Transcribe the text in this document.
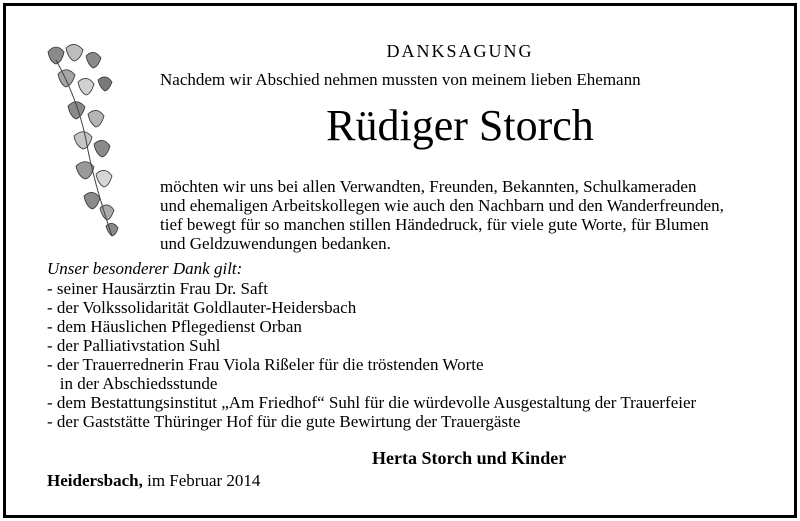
DANKSAGUNG
Nachdem wir Abschied nehmen mussten von meinem lieben Ehemann
Rüdiger Storch
möchten wir uns bei allen Verwandten, Freunden, Bekannten, Schulkameraden
und ehemaligen Arbeitskollegen wie auch den Nachbarn und den Wanderfreunden,
tief bewegt für so manchen stillen Händedruck, für viele gute Worte, für Blumen
und Geldzuwendungen bedanken.
Unser besonderer Dank gilt:
- seiner Hausärztin Frau Dr. Saft
- der Volkssolidarität Goldlauter-Heidersbach
- dem Häuslichen Pflegedienst Orban
- der Palliativstation Suhl
- der Trauerrednerin Frau Viola Rißeler für die tröstenden Worte
in der Abschiedsstunde
- dem Bestattungsinstitut „Am Friedhof“ Suhl für die würdevolle Ausgestaltung der Trauerfeier
- der Gaststätte Thüringer Hof für die gute Bewirtung der Trauergäste
Herta Storch und Kinder
Heidersbach, im Februar 2014
